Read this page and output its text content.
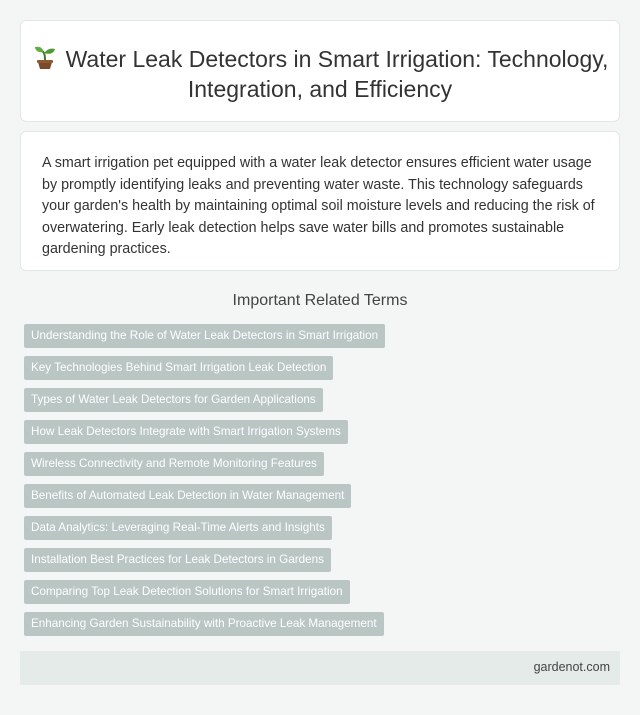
Water Leak Detectors in Smart Irrigation: Technology, Integration, and Efficiency
A smart irrigation pet equipped with a water leak detector ensures efficient water usage by promptly identifying leaks and preventing water waste. This technology safeguards your garden's health by maintaining optimal soil moisture levels and reducing the risk of overwatering. Early leak detection helps save water bills and promotes sustainable gardening practices.
Important Related Terms
Understanding the Role of Water Leak Detectors in Smart Irrigation
Key Technologies Behind Smart Irrigation Leak Detection
Types of Water Leak Detectors for Garden Applications
How Leak Detectors Integrate with Smart Irrigation Systems
Wireless Connectivity and Remote Monitoring Features
Benefits of Automated Leak Detection in Water Management
Data Analytics: Leveraging Real-Time Alerts and Insights
Installation Best Practices for Leak Detectors in Gardens
Comparing Top Leak Detection Solutions for Smart Irrigation
Enhancing Garden Sustainability with Proactive Leak Management
gardenot.com
